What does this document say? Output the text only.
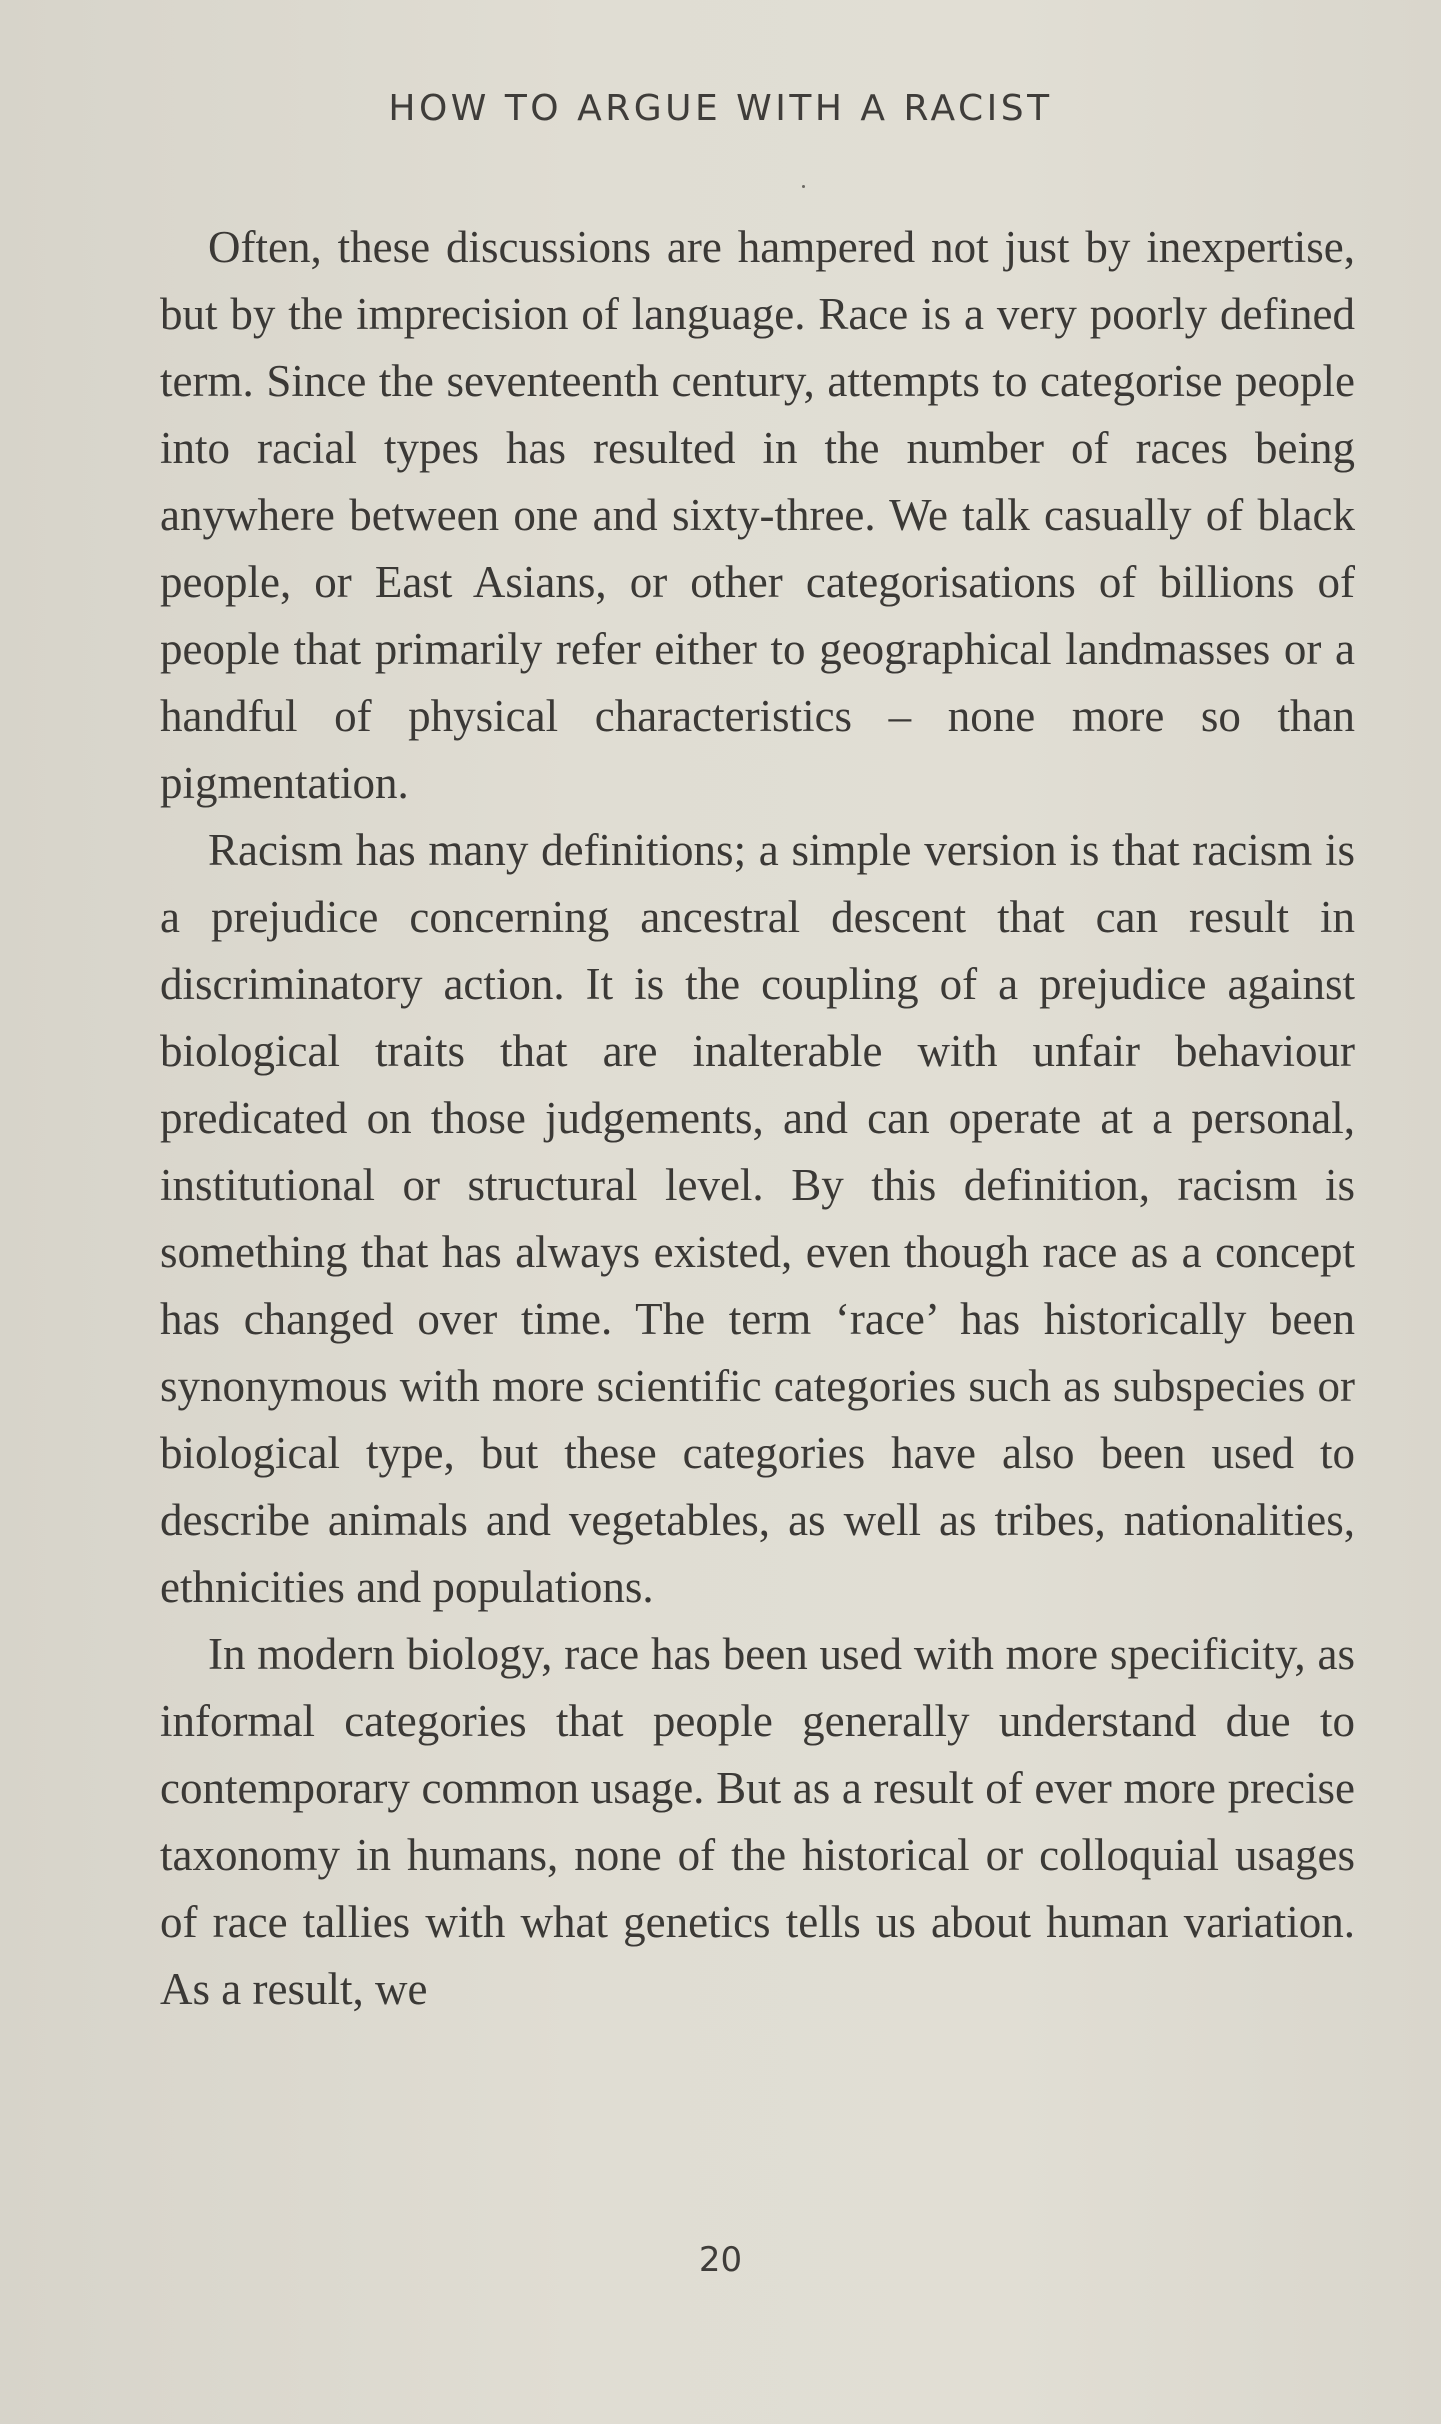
HOW TO ARGUE WITH A RACIST

Often, these discussions are hampered not just by inexpertise, but by the imprecision of language. Race is a very poorly defined term. Since the seventeenth century, attempts to categorise people into racial types has resulted in the number of races being anywhere between one and sixty-three. We talk casually of black people, or East Asians, or other categorisations of billions of people that primarily refer either to geographical landmasses or a handful of physical characteristics – none more so than pigmentation.

Racism has many definitions; a simple version is that racism is a prejudice concerning ancestral descent that can result in discriminatory action. It is the coupling of a prejudice against biological traits that are inalterable with unfair behaviour predicated on those judgements, and can operate at a personal, institutional or structural level. By this definition, racism is something that has always existed, even though race as a concept has changed over time. The term ‘race’ has historically been synonymous with more scientific categories such as subspecies or biological type, but these categories have also been used to describe animals and vegetables, as well as tribes, nationalities, ethnicities and populations.

In modern biology, race has been used with more specificity, as informal categories that people generally understand due to contemporary common usage. But as a result of ever more precise taxonomy in humans, none of the historical or colloquial usages of race tallies with what genetics tells us about human variation. As a result, we

20
